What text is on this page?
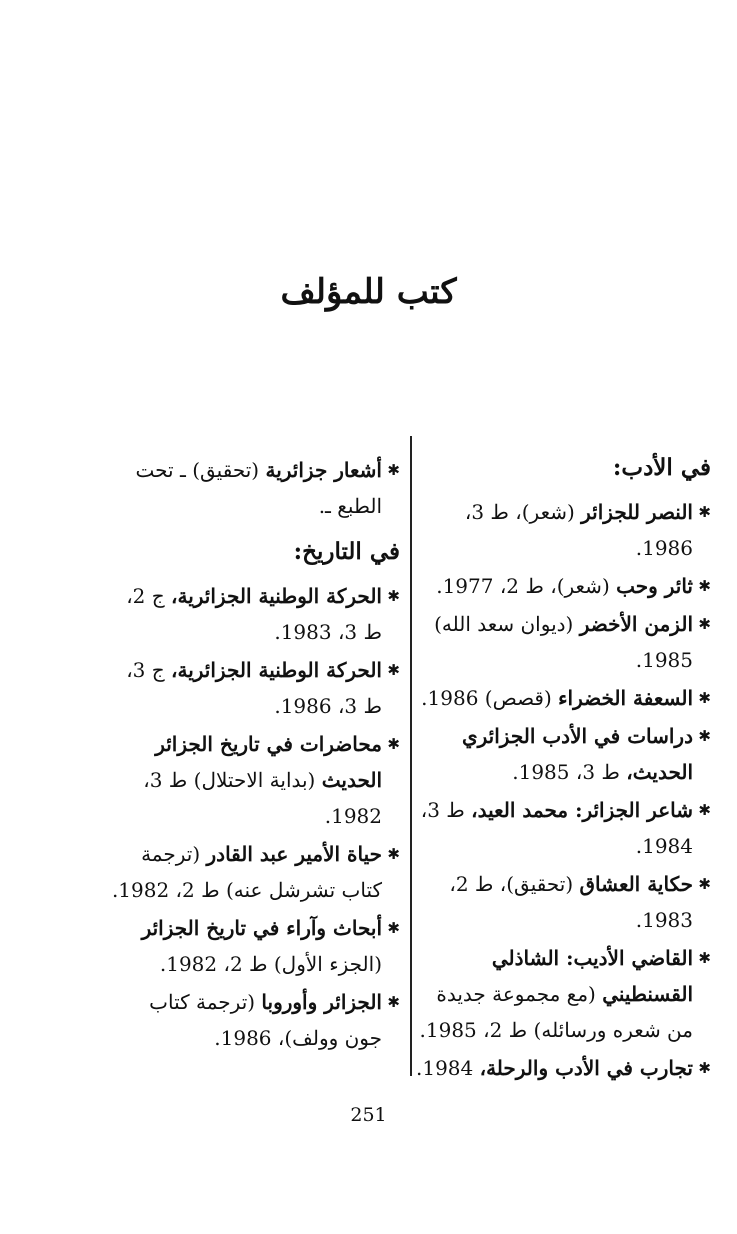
كتب للمؤلف
في الأدب:
✱
النصر للجزائر (شعر)، ط 3، 1986.
✱
ثائر وحب (شعر)، ط 2، 1977.
✱
الزمن الأخضر (ديوان سعد الله) 1985.
✱
السعفة الخضراء (قصص) 1986.
✱
دراسات في الأدب الجزائري الحديث، ط 3، 1985.
✱
شاعر الجزائر: محمد العيد، ط 3، 1984.
✱
حكاية العشاق (تحقيق)، ط 2، 1983.
✱
القاضي الأديب: الشاذلي القسنطيني (مع مجموعة جديدة من شعره ورسائله) ط 2، 1985.
✱
تجارب في الأدب والرحلة، 1984.
✱
أشعار جزائرية (تحقيق) ـ تحت الطبع ـ.
في التاريخ:
✱
الحركة الوطنية الجزائرية، ج 2، ط 3، 1983.
✱
الحركة الوطنية الجزائرية، ج 3، ط 3، 1986.
✱
محاضرات في تاريخ الجزائر الحديث (بداية الاحتلال) ط 3، 1982.
✱
حياة الأمير عبد القادر (ترجمة كتاب تشرشل عنه) ط 2، 1982.
✱
أبحاث وآراء في تاريخ الجزائر (الجزء الأول) ط 2، 1982.
✱
الجزائر وأوروبا (ترجمة كتاب جون وولف)، 1986.
251
